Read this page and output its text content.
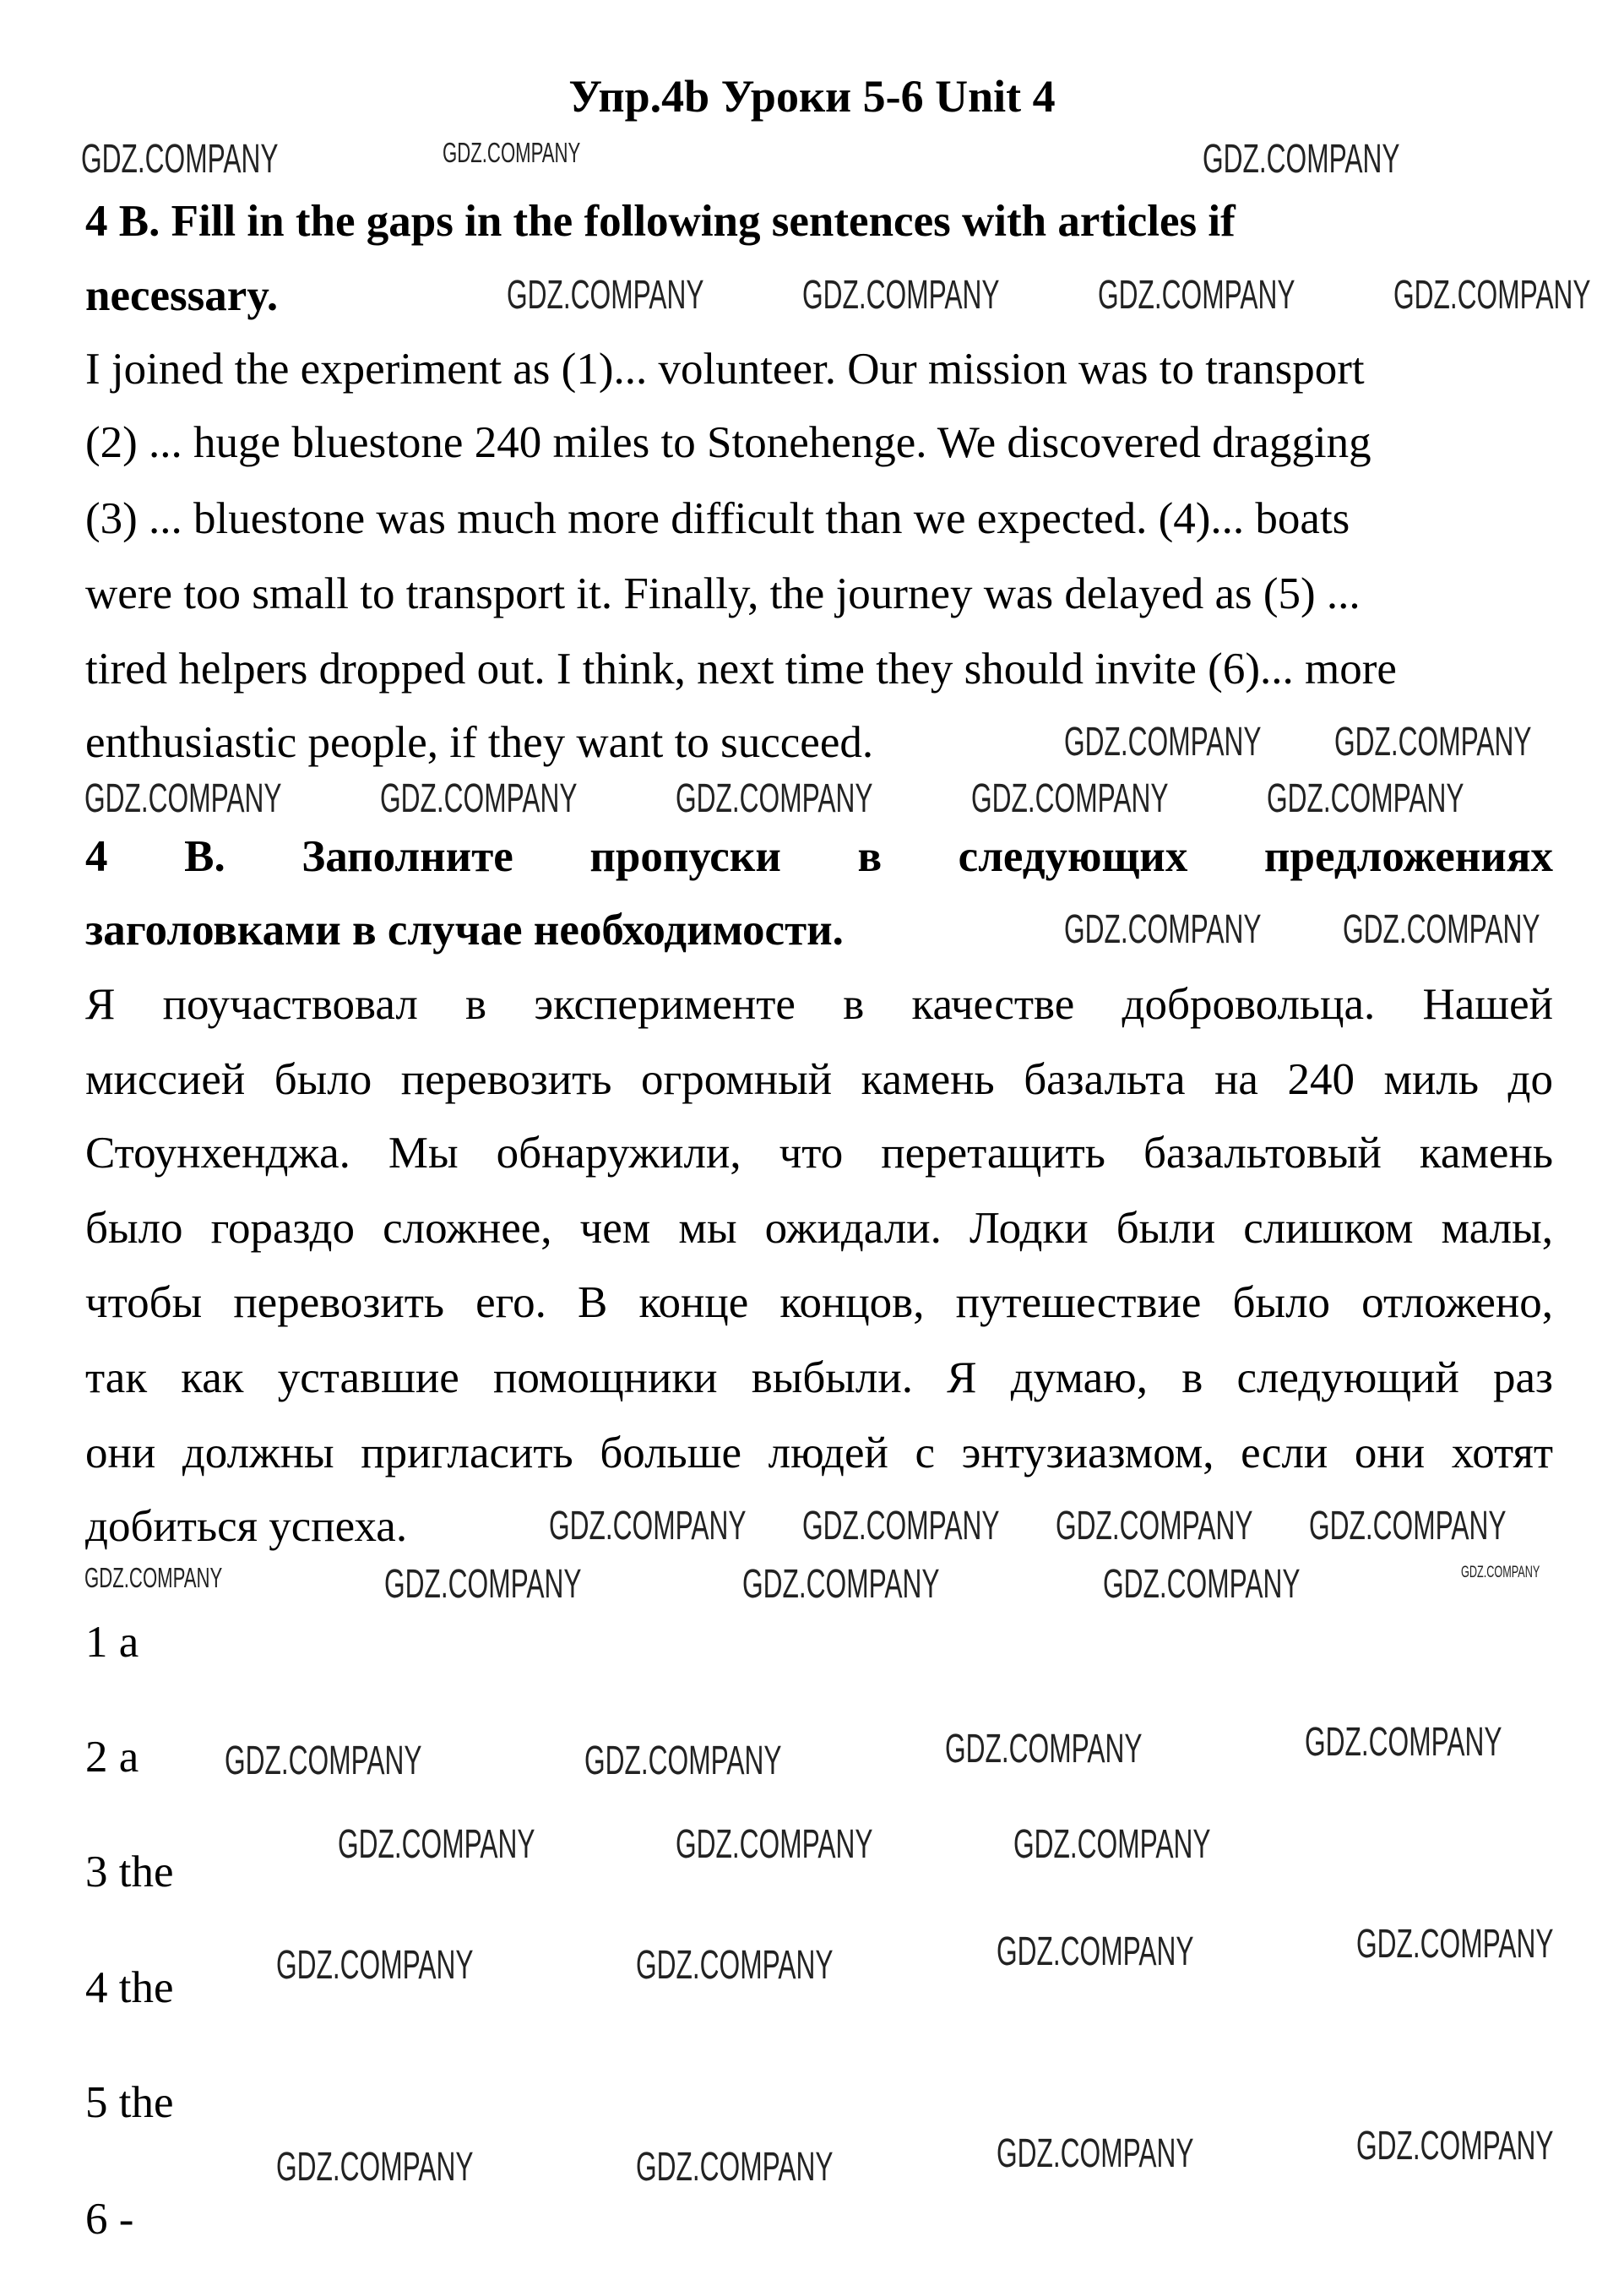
Упр.4b Уроки 5-6 Unit 4
4 B. Fill in the gaps in the following sentences with articles if
necessary.
I joined the experiment as (1)... volunteer. Our mission was to transport
(2) ... huge bluestone 240 miles to Stonehenge. We discovered dragging
(3) ... bluestone was much more difficult than we expected. (4)... boats
were too small to transport it. Finally, the journey was delayed as (5) ...
tired helpers dropped out. I think, next time they should invite (6)... more
enthusiastic people, if they want to succeed.
4 В. Заполните пропуски в следующих предложениях
заголовками в случае необходимости.
Я поучаствовал в эксперименте в качестве добровольца. Нашей
миссией было перевозить огромный камень базальта на 240 миль до
Стоунхенджа. Мы обнаружили, что перетащить базальтовый камень
было гораздо сложнее, чем мы ожидали. Лодки были слишком малы,
чтобы перевозить его. В конце концов, путешествие было отложено,
так как уставшие помощники выбыли. Я думаю, в следующий раз
они должны пригласить больше людей с энтузиазмом, если они хотят
добиться успеха.
1 a
2 a
3 the
4 the
5 the
6 -
GDZ.COMPANY	GDZ.COMPANY
GDZ.COMPANY
GDZ.COMPANY GDZ.COMPANY GDZ.COMPANY GDZ.COMPANY
GDZ.COMPANY GDZ.COMPANY
GDZ.COMPANY GDZ.COMPANY GDZ.COMPANY GDZ.COMPANY GDZ.COMPANY
GDZ.COMPANY GDZ.COMPANY
GDZ.COMPANY GDZ.COMPANY GDZ.COMPANY GDZ.COMPANY
GDZ.COMPANY	GDZ.COMPANY	GDZ.COMPANY	GDZ.COMPANY	GDZ.COMPANY
GDZ.COMPANY	GDZ.COMPANY	GDZ.COMPANY
GDZ.COMPANY	GDZ.COMPANY	GDZ.COMPANY	GDZ.COMPANY
GDZ.COMPANY	GDZ.COMPANY	GDZ.COMPANY	GDZ.COMPANY
GDZ.COMPANY	GDZ.COMPANY	GDZ.COMPANY	GDZ.COMPANY
